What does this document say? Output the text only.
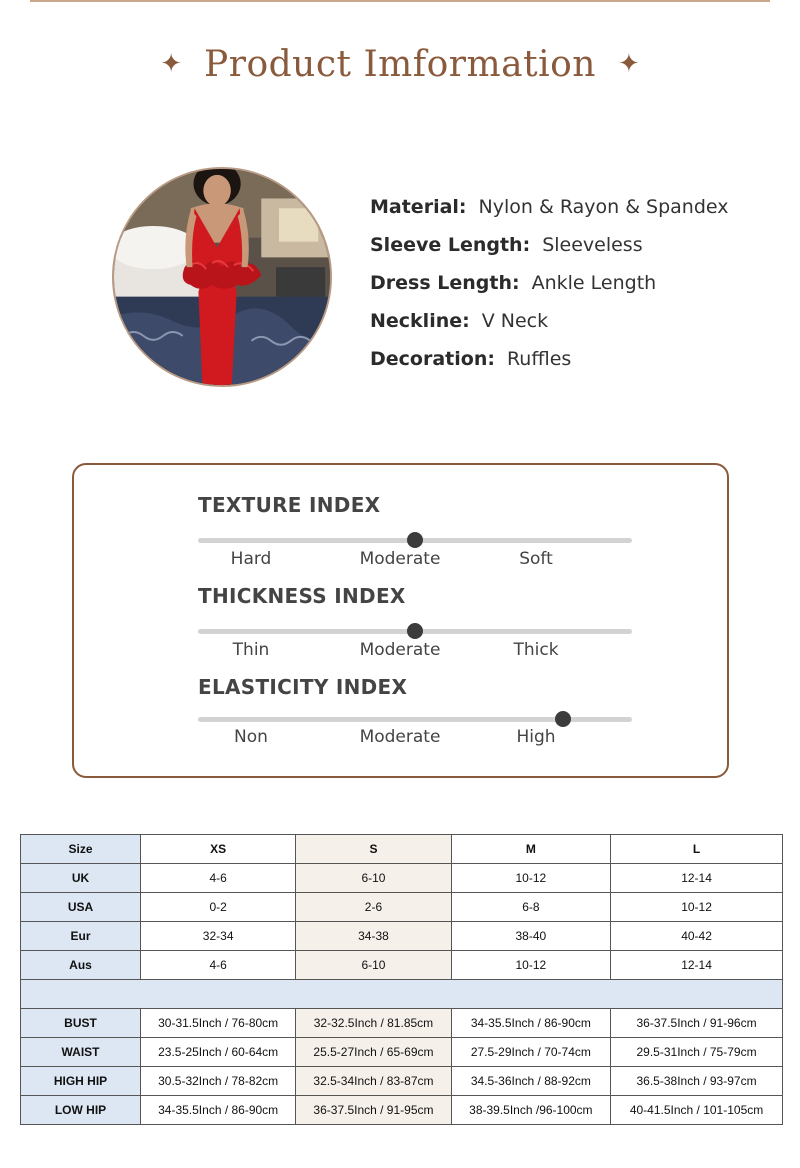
✦ Product Imformation ✦
Material: Nylon & Rayon & Spandex
Sleeve Length: Sleeveless
Dress Length: Ankle Length
Neckline: V Neck
Decoration: Ruffles
TEXTURE INDEX
Hard	Moderate	Soft
THICKNESS INDEX
Thin	Moderate	Thick
ELASTICITY INDEX
Non	Moderate	High
Size	XS	S	M	L
UK	4-6	6-10	10-12	12-14
USA	0-2	2-6	6-8	10-12
Eur	32-34	34-38	38-40	40-42
Aus	4-6	6-10	10-12	12-14

BUST	30-31.5Inch / 76-80cm	32-32.5Inch / 81.85cm	34-35.5Inch / 86-90cm	36-37.5Inch / 91-96cm
WAIST	23.5-25Inch / 60-64cm	25.5-27Inch / 65-69cm	27.5-29Inch / 70-74cm	29.5-31Inch / 75-79cm
HIGH HIP	30.5-32Inch / 78-82cm	32.5-34Inch / 83-87cm	34.5-36Inch / 88-92cm	36.5-38Inch / 93-97cm
LOW HIP	34-35.5Inch / 86-90cm	36-37.5Inch / 91-95cm	38-39.5Inch /96-100cm	40-41.5Inch / 101-105cm
